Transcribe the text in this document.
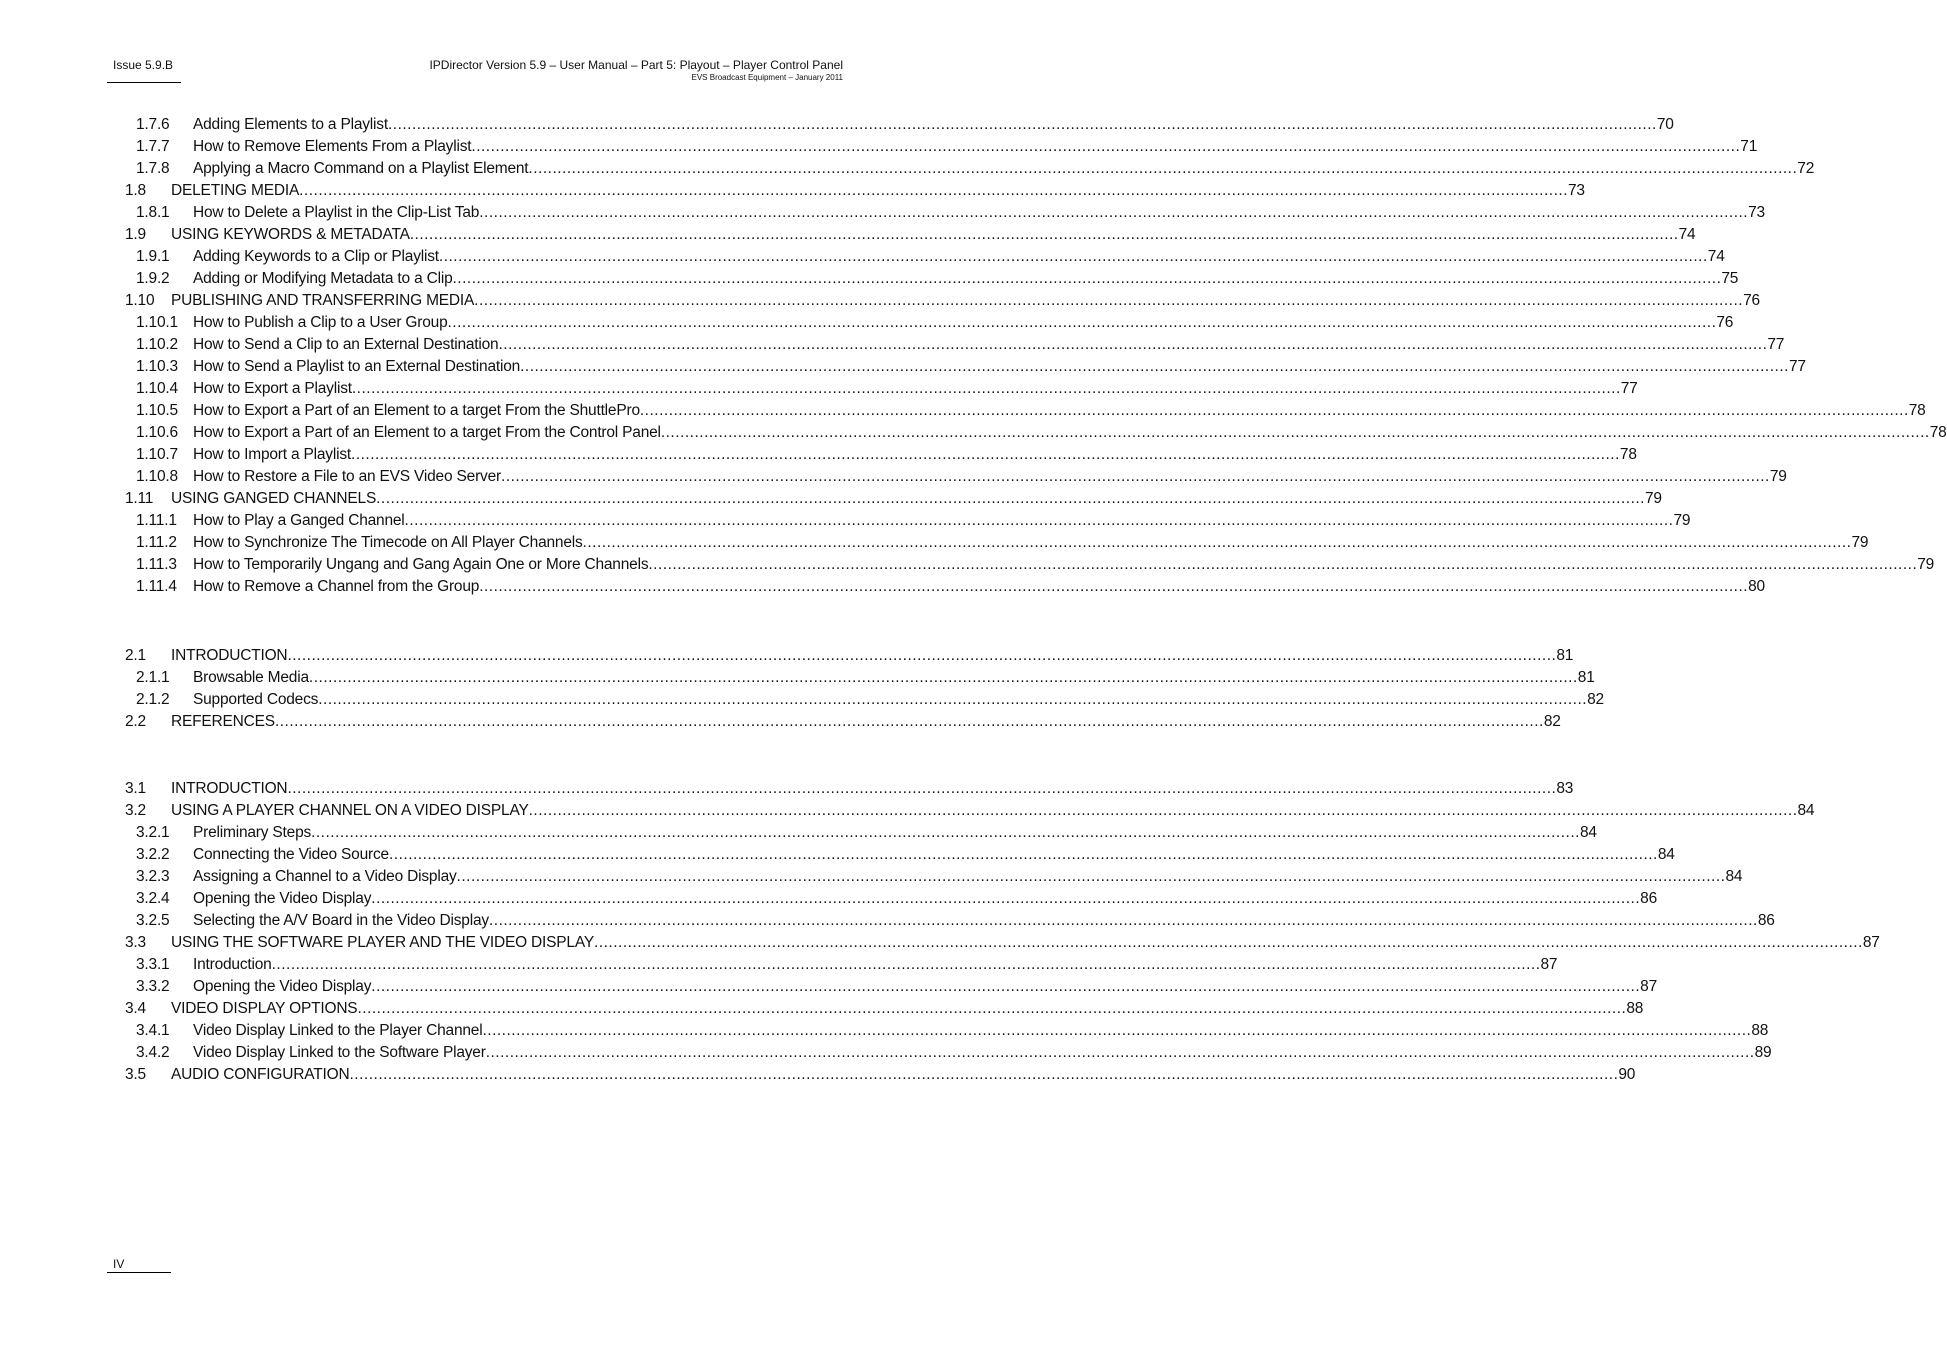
Issue 5.9.B	IPDirector Version 5.9 – User Manual – Part 5: Playout – Player Control Panel
EVS Broadcast Equipment – January 2011
1.7.6	Adding Elements to a Playlist .....	70
1.7.7	How to Remove Elements From a Playlist .....	71
1.7.8	Applying a Macro Command on a Playlist Element .....	72
1.8	DELETING MEDIA .....	73
1.8.1	How to Delete a Playlist in the Clip-List Tab .....	73
1.9	USING KEYWORDS & METADATA .....	74
1.9.1	Adding Keywords to a Clip or Playlist .....	74
1.9.2	Adding or Modifying Metadata to a Clip .....	75
1.10	PUBLISHING AND TRANSFERRING MEDIA .....	76
1.10.1 How to Publish a Clip to a User Group .....	76
1.10.2 How to Send a Clip to an External Destination .....	77
1.10.3 How to Send a Playlist to an External Destination .....	77
1.10.4 How to Export a Playlist .....	77
1.10.5 How to Export a Part of an Element to a target From the ShuttlePro .....	78
1.10.6 How to Export a Part of an Element to a target From the Control Panel .....	78
1.10.7 How to Import a Playlist .....	78
1.10.8 How to Restore a File to an EVS Video Server .....	79
1.11	USING GANGED CHANNELS .....	79
1.11.1	How to Play a Ganged Channel .....	79
1.11.2	How to Synchronize The Timecode on All Player Channels .....	79
1.11.3	How to Temporarily Ungang and Gang Again One or More Channels .....	79
1.11.4	How to Remove a Channel from the Group .....	80
2.1	INTRODUCTION .....	81
2.1.1	Browsable Media .....	81
2.1.2	Supported Codecs .....	82
2.2	REFERENCES .....	82
3.1	INTRODUCTION .....	83
3.2	USING A PLAYER CHANNEL ON A VIDEO DISPLAY .....	84
3.2.1	Preliminary Steps .....	84
3.2.2	Connecting the Video Source .....	84
3.2.3	Assigning a Channel to a Video Display .....	84
3.2.4	Opening the Video Display .....	86
3.2.5	Selecting the A/V Board in the Video Display .....	86
3.3	USING THE SOFTWARE PLAYER AND THE VIDEO DISPLAY .....	87
3.3.1	Introduction .....	87
3.3.2	Opening the Video Display .....	87
3.4	VIDEO DISPLAY OPTIONS .....	88
3.4.1	Video Display Linked to the Player Channel .....	88
3.4.2	Video Display Linked to the Software Player .....	89
3.5	AUDIO CONFIGURATION .....	90
IV
